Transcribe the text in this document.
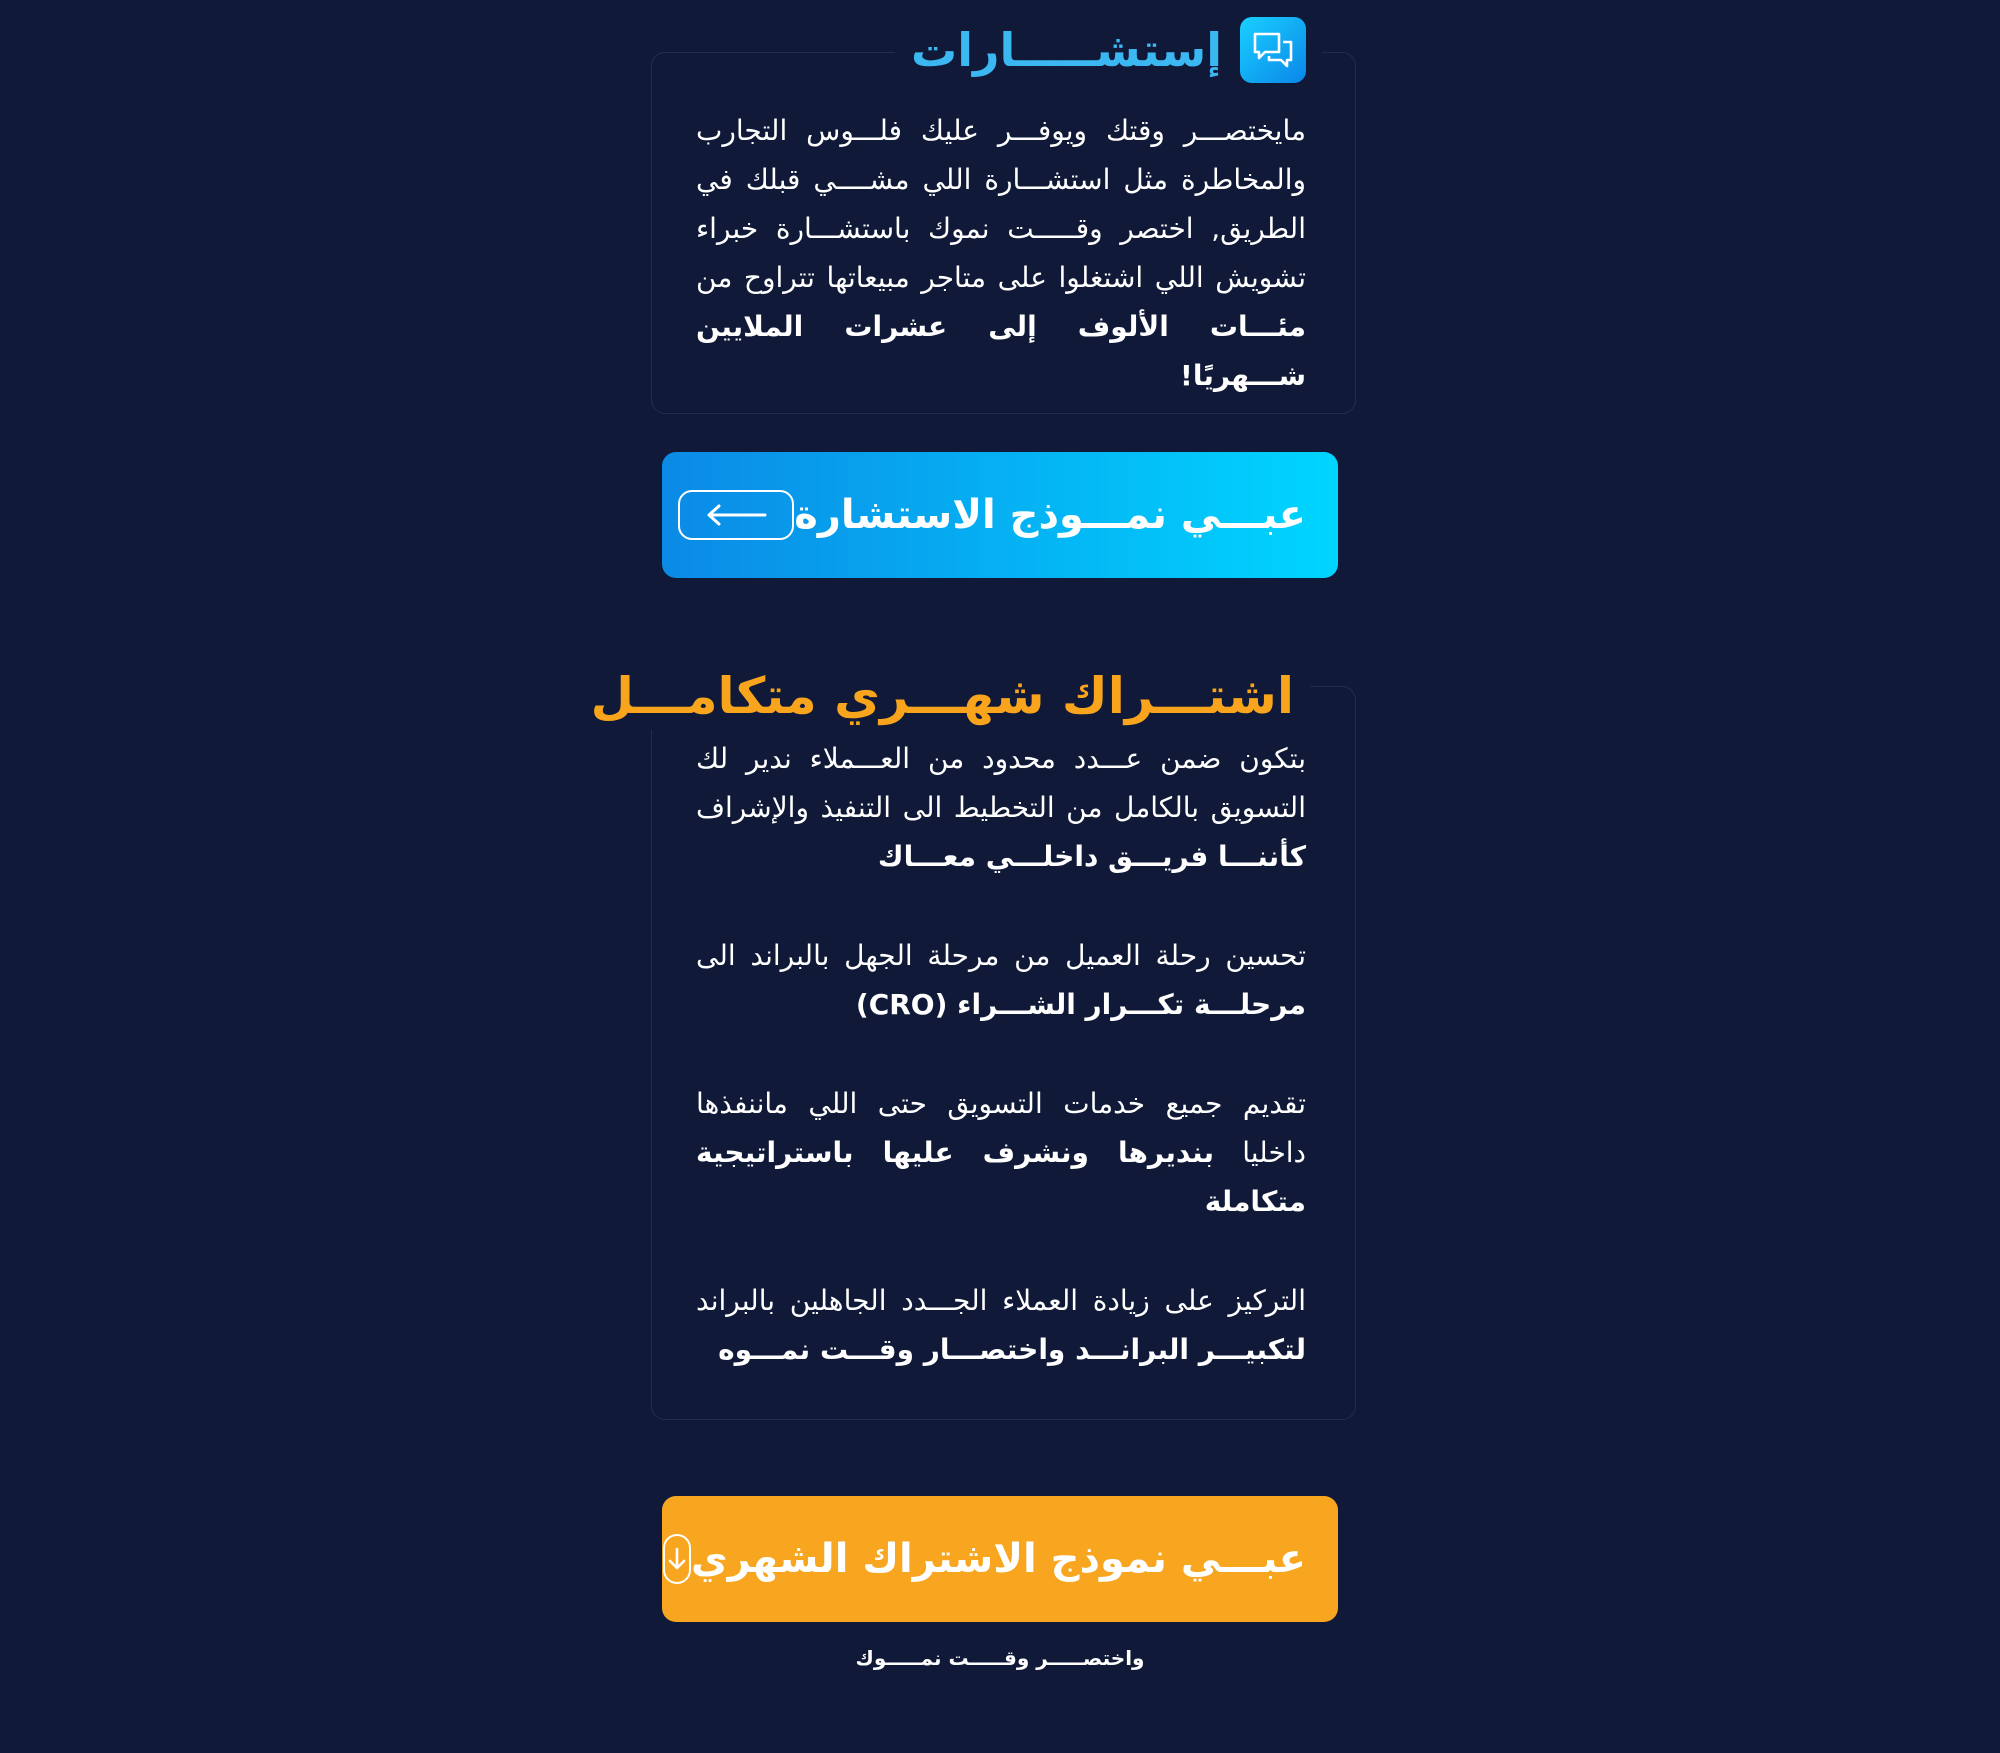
إستشـــــارات
مايختصـــر وقتك ويوفـــر عليك فلـــوس التجارب والمخاطرة مثل استشـــارة اللي مشــــي قبلك في الطريق, اختصر وقـــــت نموك باستشـــارة خبراء تشويش اللي اشتغلوا على متاجر مبيعاتها تتراوح من مئـــات الألوف إلى عشرات الملايين شـــهريًا!
عبـــي نمـــوذج الاستشارة
اشتـــراك شهـــري متكامـــل

بتكون ضمن عـــدد محدود من العـــملاء ندير لك التسويق بالكامل من التخطيط الى التنفيذ والإشراف كأننـــا فريـــق داخلـــي معـــاك

تحسين رحلة العميل من مرحلة الجهل بالبراند الى مرحلـــة تكـــرار الشـــراء (CRO)

تقديم جميع خدمات التسويق حتى اللي ماننفذها داخليا بنديرها ونشرف عليها باستراتيجية متكاملة

التركيز على زيادة العملاء الجـــدد الجاهلين بالبراند لتكبيـــر البرانـــد واختصـــار وقـــت نمـــوه

عبـــي نموذج الاشتراك الشهري
واختصـــــر وقـــــت نمـــــوك
